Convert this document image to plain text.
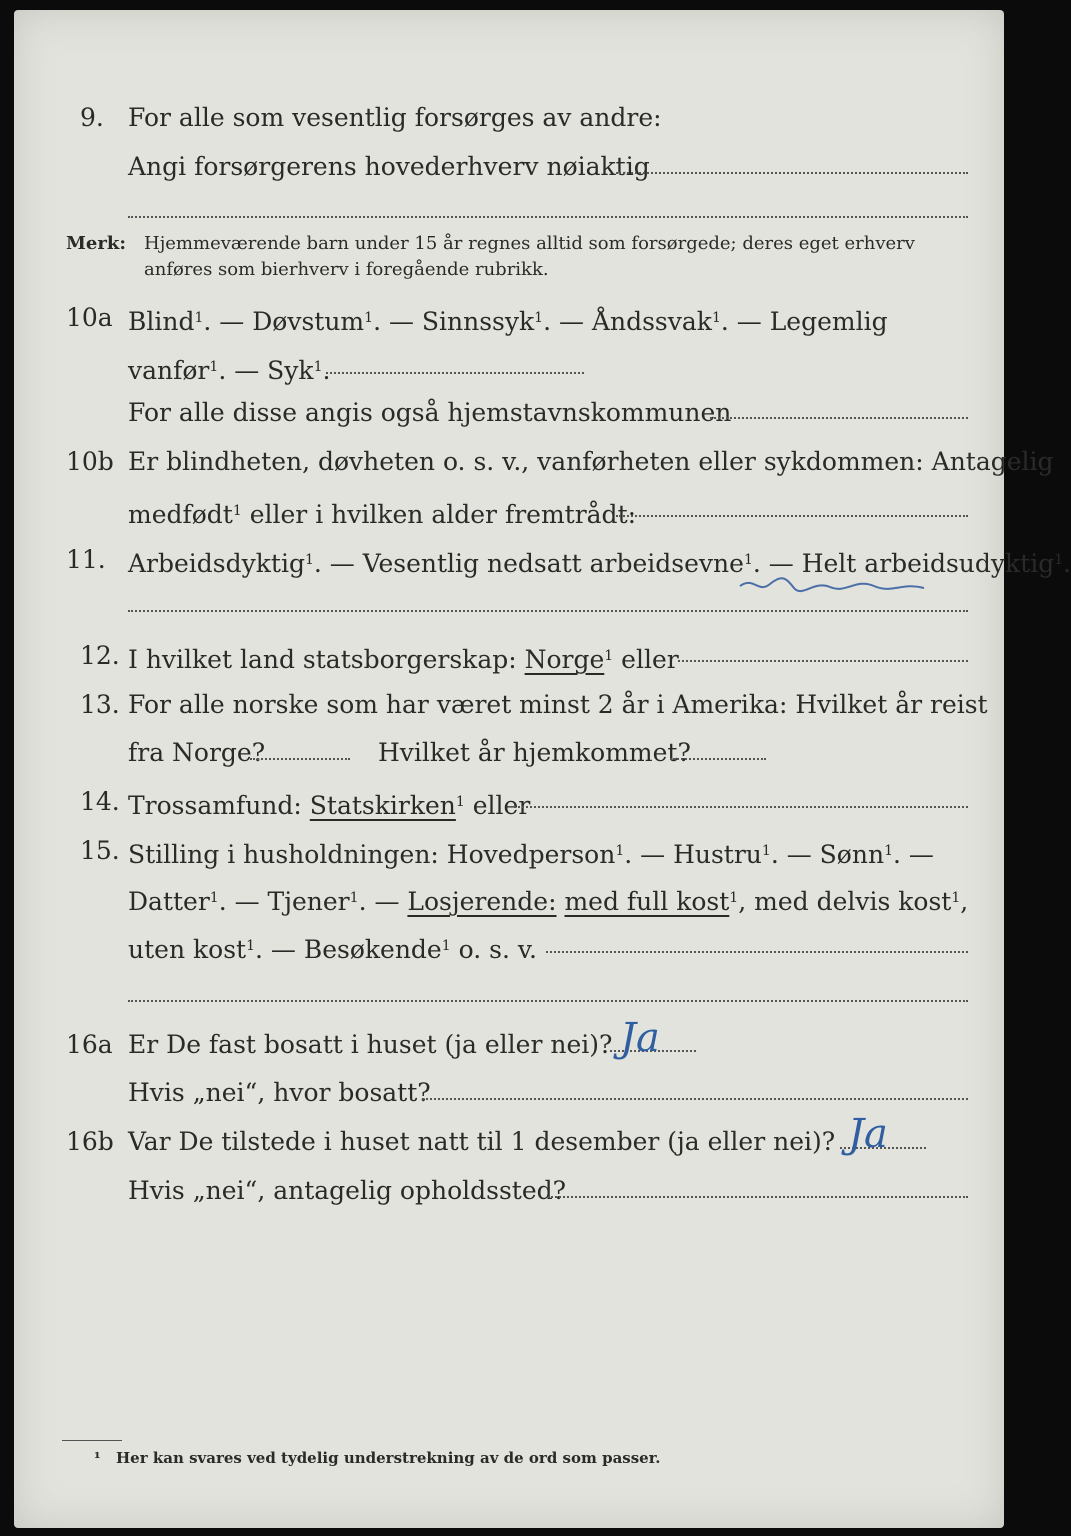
9. For alle som vesentlig forsørges av andre:
Angi forsørgerens hovederhverv nøiaktig
Merk: Hjemmeværende barn under 15 år regnes alltid som forsørgede; deres eget erhverv
anføres som bierhverv i foregående rubrikk.
10a Blind$^1$. — Døvstum$^1$. — Sinnssyk$^1$. — Åndssvak$^1$. — Legemlig
vanfør$^1$. — Syk$^1$.
For alle disse angis også hjemstavnskommunen
10b Er blindheten, døvheten o. s. v., vanførheten eller sykdommen: Antagelig
medfødt$^1$ eller i hvilken alder fremtrådt:
11. Arbeidsdyktig$^1$. — Vesentlig nedsatt arbeidsevne$^1$. — Helt arbeidsudyktig$^1$.
12. I hvilket land statsborgerskap: Norge$^1$ eller
13. For alle norske som har været minst 2 år i Amerika: Hvilket år reist
fra Norge?	Hvilket år hjemkommet?
14. Trossamfund: Statskirken$^1$ eller
15. Stilling i husholdningen: Hovedperson$^1$. — Hustru$^1$. — Sønn$^1$. —
Datter$^1$. — Tjener$^1$. — Losjerende: med full kost$^1$, med delvis kost$^1$,
uten kost$^1$. — Besøkende$^1$ o. s. v.
16a Er De fast bosatt i huset (ja eller nei)? Ja
Hvis „nei“, hvor bosatt?
16b Var De tilstede i huset natt til 1 desember (ja eller nei)? Ja
Hvis „nei“, antagelig opholdssted?
¹ Her kan svares ved tydelig understrekning av de ord som passer.
